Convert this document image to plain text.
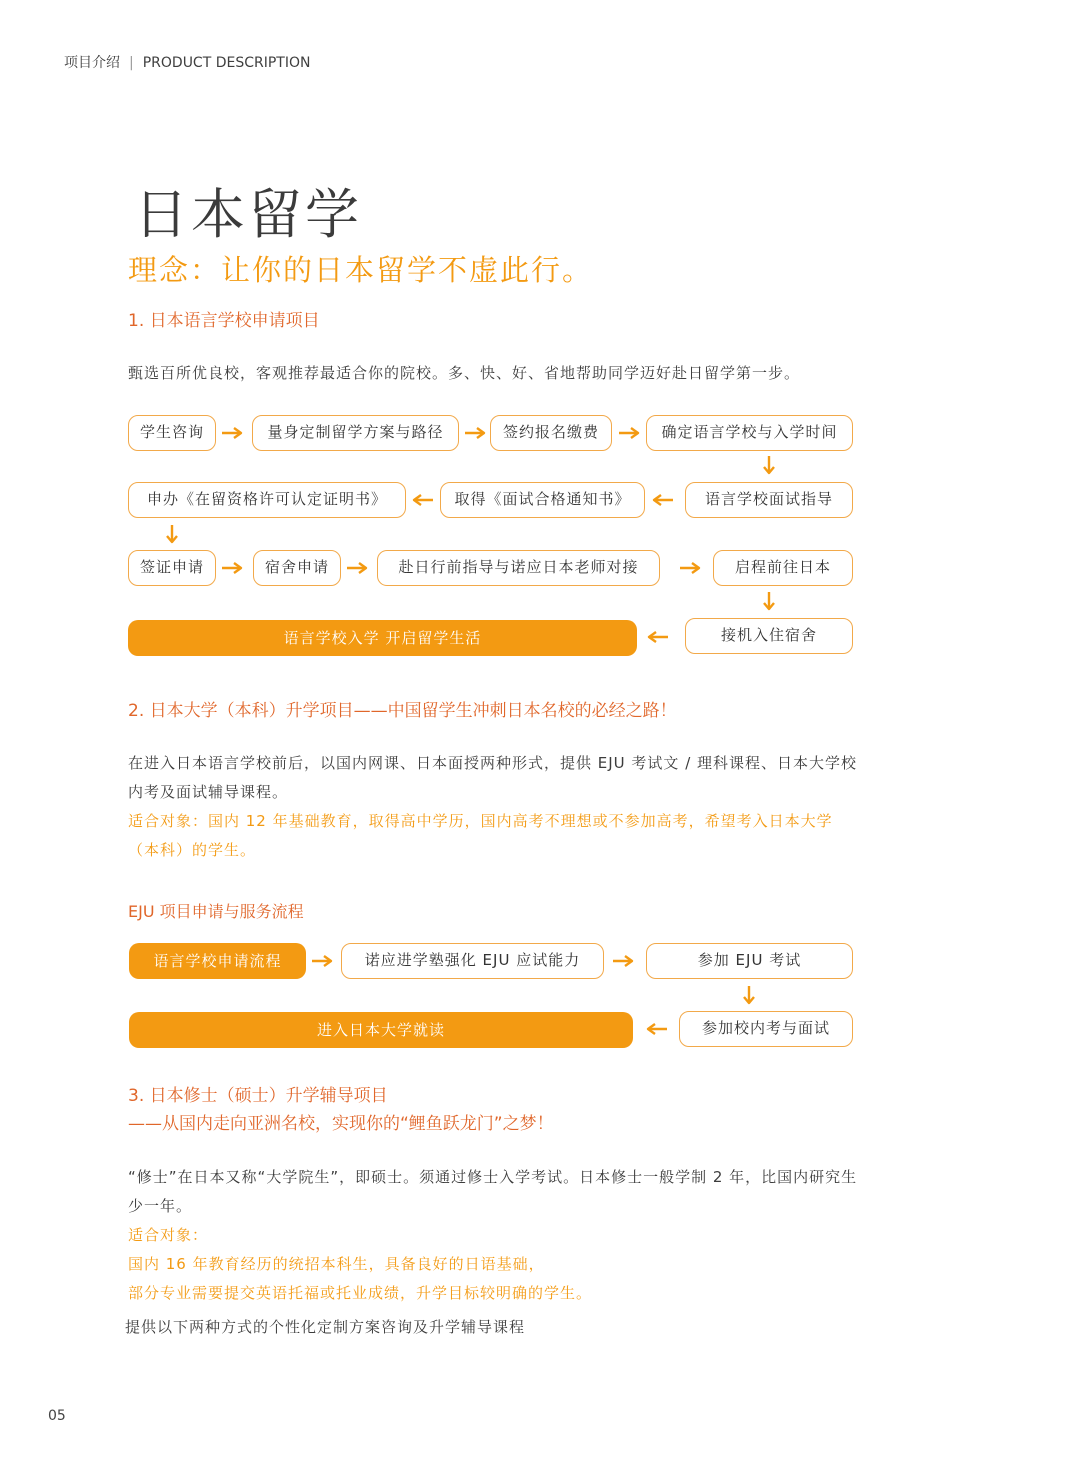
项目介绍 | PRODUCT DESCRIPTION
日本留学
理念：让你的日本留学不虚此行。
1. 日本语言学校申请项目
甄选百所优良校，客观推荐最适合你的院校。多、快、好、省地帮助同学迈好赴日留学第一步。
学生咨询	量身定制留学方案与路径	签约报名缴费	确定语言学校与入学时间
申办《在留资格许可认定证明书》	取得《面试合格通知书》	语言学校面试指导
签证申请	宿舍申请	赴日行前指导与诺应日本老师对接	启程前往日本
语言学校入学 开启留学生活	接机入住宿舍
2. 日本大学（本科）升学项目——中国留学生冲刺日本名校的必经之路！
在进入日本语言学校前后，以国内网课、日本面授两种形式，提供 EJU 考试文 / 理科课程、日本大学校内考及面试辅导课程。
适合对象：国内 12 年基础教育，取得高中学历，国内高考不理想或不参加高考，希望考入日本大学（本科）的学生。
EJU 项目申请与服务流程
语言学校申请流程	诺应进学塾强化 EJU 应试能力	参加 EJU 考试
进入日本大学就读	参加校内考与面试
3. 日本修士（硕士）升学辅导项目
——从国内走向亚洲名校，实现你的“鲤鱼跃龙门”之梦！
“修士”在日本又称“大学院生”，即硕士。须通过修士入学考试。日本修士一般学制 2 年，比国内研究生少一年。
适合对象：
国内 16 年教育经历的统招本科生，具备良好的日语基础，
部分专业需要提交英语托福或托业成绩，升学目标较明确的学生。
提供以下两种方式的个性化定制方案咨询及升学辅导课程
05
